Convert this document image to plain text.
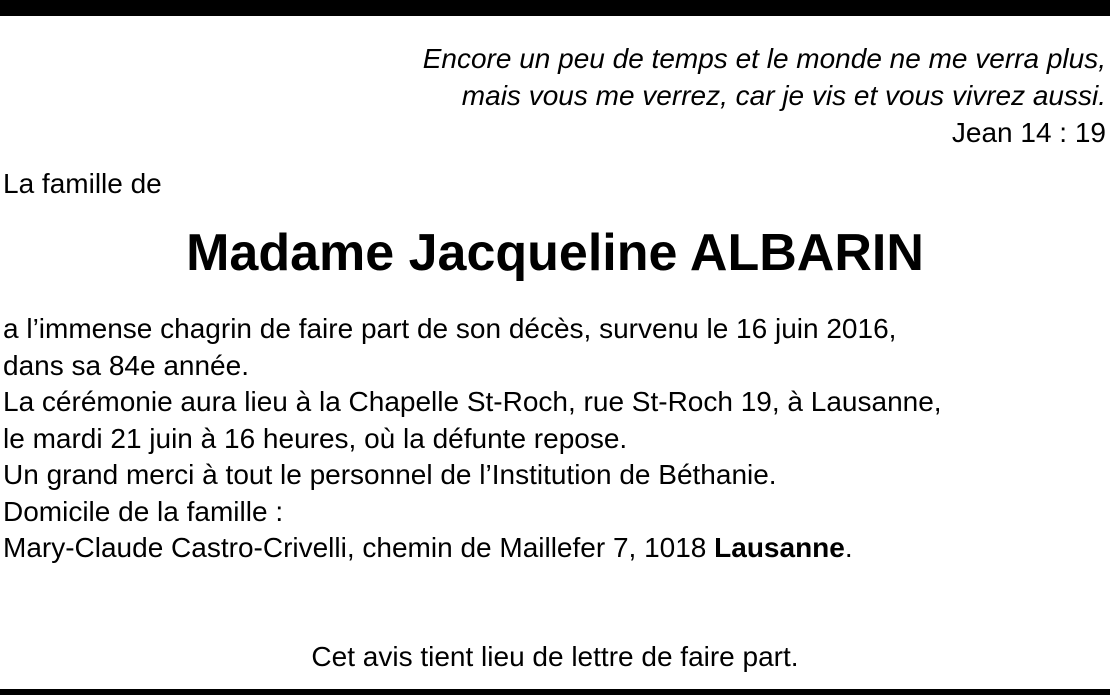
Encore un peu de temps et le monde ne me verra plus,
mais vous me verrez, car je vis et vous vivrez aussi.
Jean 14 : 19
La famille de
Madame Jacqueline ALBARIN
a l’immense chagrin de faire part de son décès, survenu le 16 juin 2016,
dans sa 84e année.
La cérémonie aura lieu à la Chapelle St-Roch, rue St-Roch 19, à Lausanne,
le mardi 21 juin à 16 heures, où la défunte repose.
Un grand merci à tout le personnel de l’Institution de Béthanie.
Domicile de la famille :
Mary-Claude Castro-Crivelli, chemin de Maillefer 7, 1018 Lausanne.
Cet avis tient lieu de lettre de faire part.
